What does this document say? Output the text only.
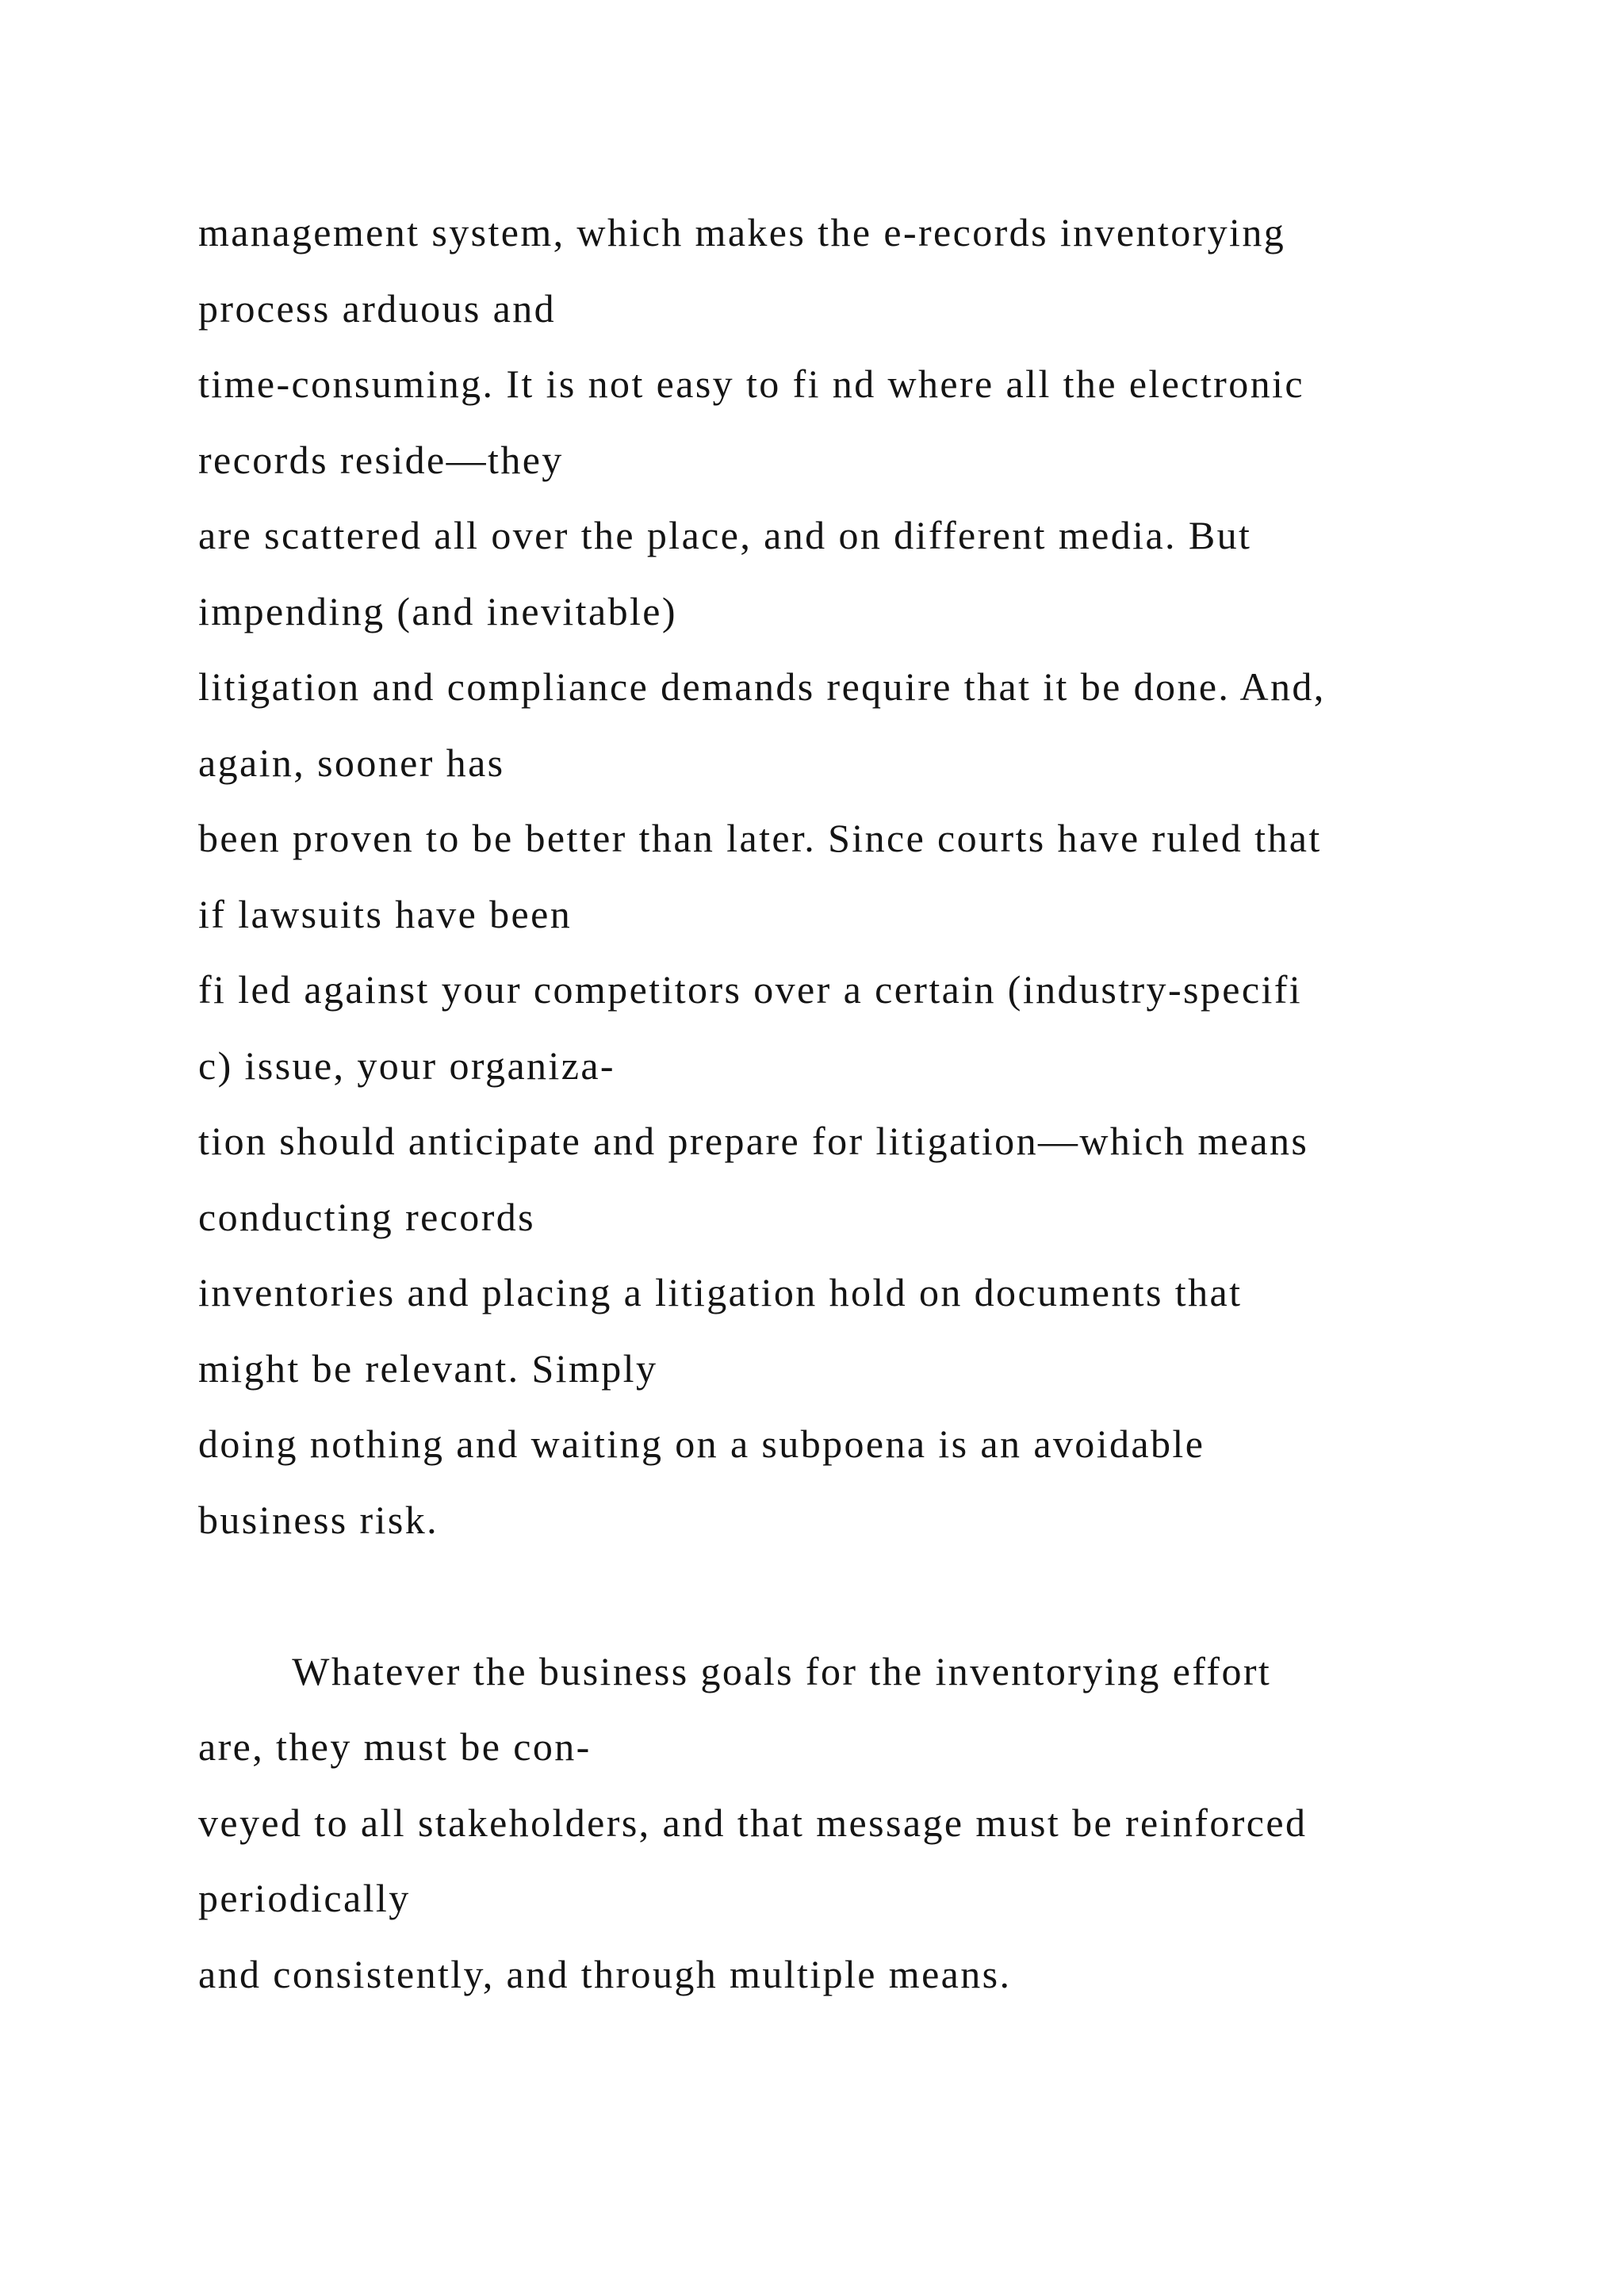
management system, which makes the e-records inventorying
process arduous and
time-consuming. It is not easy to fi nd where all the electronic
records reside—they
are scattered all over the place, and on different media. But
impending (and inevitable)
litigation and compliance demands require that it be done. And,
again, sooner has
been proven to be better than later. Since courts have ruled that
if lawsuits have been
fi led against your competitors over a certain (industry-specifi
c) issue, your organiza-
tion should anticipate and prepare for litigation—which means
conducting records
inventories and placing a litigation hold on documents that
might be relevant. Simply
doing nothing and waiting on a subpoena is an avoidable
business risk.
Whatever the business goals for the inventorying effort
are, they must be con-
veyed to all stakeholders, and that message must be reinforced
periodically
and consistently, and through multiple means.
